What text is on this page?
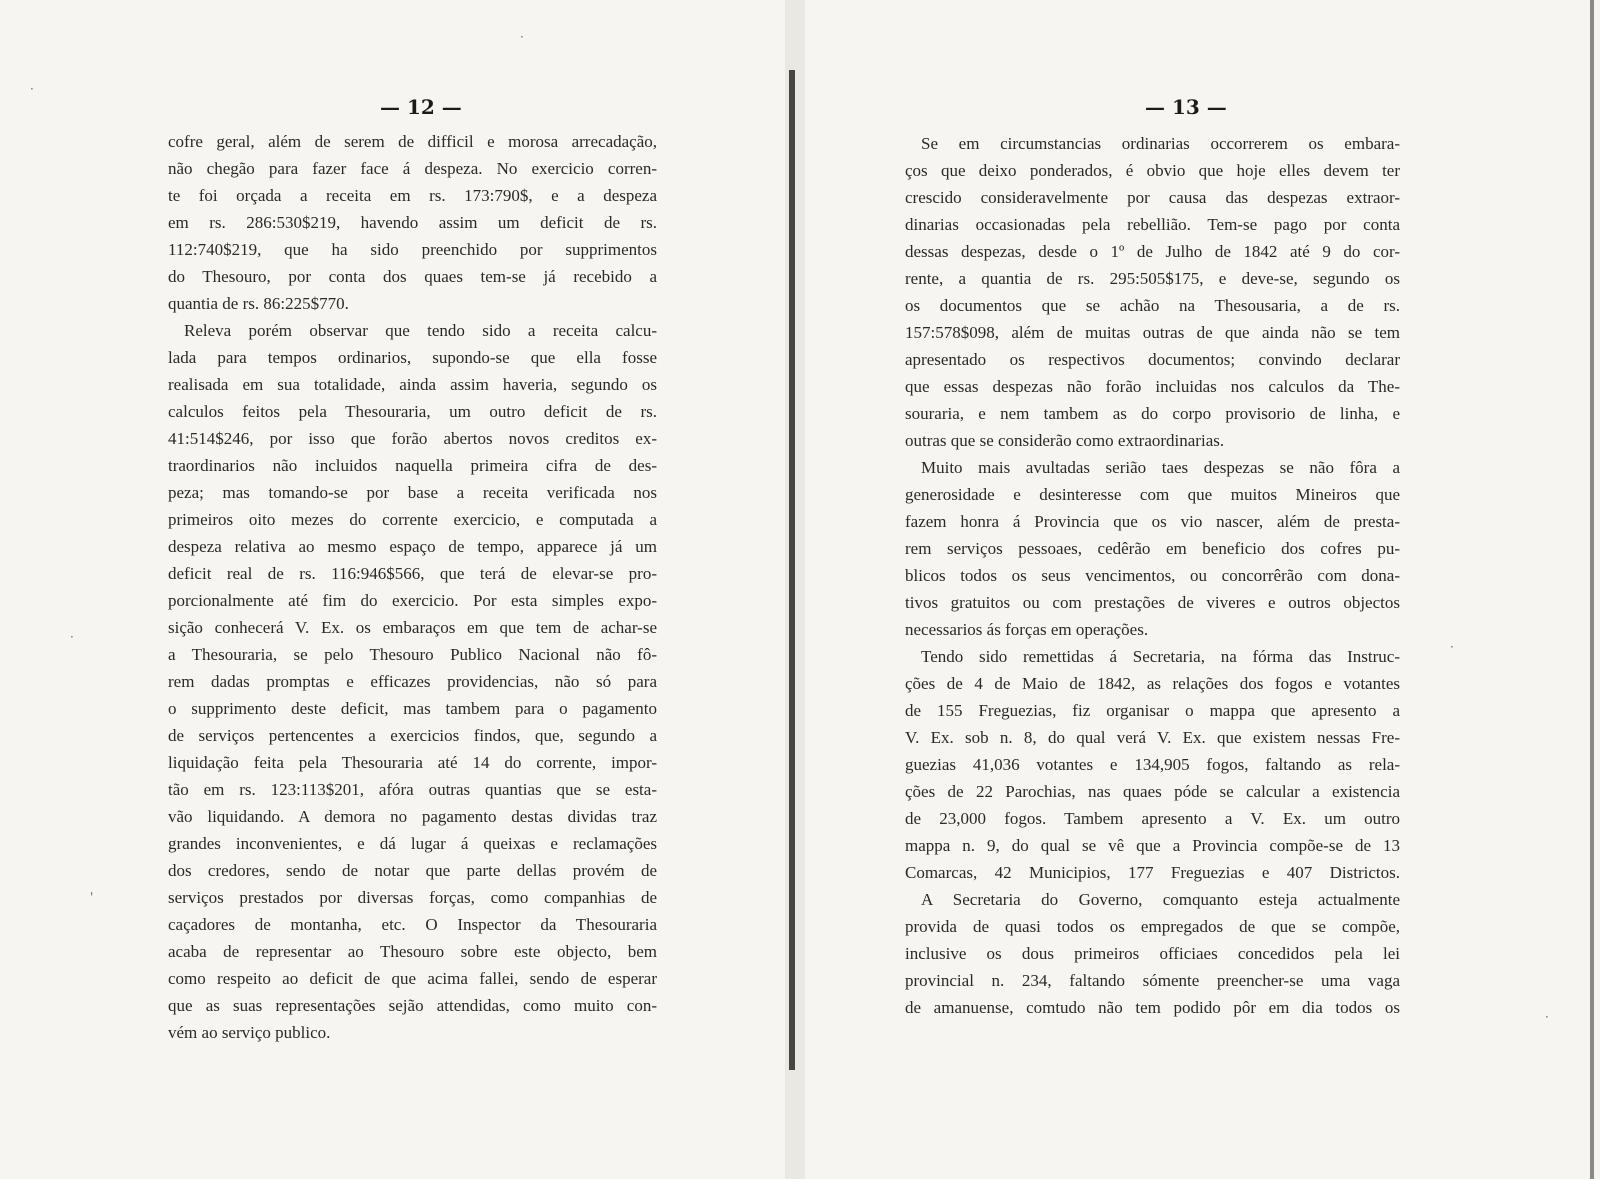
— 12 —
cofre geral, além de serem de difficil e morosa arrecadação,
não chegão para fazer face á despeza. No exercicio corren-
te foi orçada a receita em rs. 173:790$, e a despeza
em rs. 286:530$219, havendo assim um deficit de rs.
112:740$219, que ha sido preenchido por supprimentos
do Thesouro, por conta dos quaes tem-se já recebido a
quantia de rs. 86:225$770.
Releva porém observar que tendo sido a receita calcu-
lada para tempos ordinarios, supondo-se que ella fosse
realisada em sua totalidade, ainda assim haveria, segundo os
calculos feitos pela Thesouraria, um outro deficit de rs.
41:514$246, por isso que forão abertos novos creditos ex-
traordinarios não incluidos naquella primeira cifra de des-
peza; mas tomando-se por base a receita verificada nos
primeiros oito mezes do corrente exercicio, e computada a
despeza relativa ao mesmo espaço de tempo, apparece já um
deficit real de rs. 116:946$566, que terá de elevar-se pro-
porcionalmente até fim do exercicio. Por esta simples expo-
sição conhecerá V. Ex. os embaraços em que tem de achar-se
a Thesouraria, se pelo Thesouro Publico Nacional não fô-
rem dadas promptas e efficazes providencias, não só para
o supprimento deste deficit, mas tambem para o pagamento
de serviços pertencentes a exercicios findos, que, segundo a
liquidação feita pela Thesouraria até 14 do corrente, impor-
tão em rs. 123:113$201, afóra outras quantias que se esta-
vão liquidando. A demora no pagamento destas dividas traz
grandes inconvenientes, e dá lugar á queixas e reclamações
dos credores, sendo de notar que parte dellas provém de
serviços prestados por diversas forças, como companhias de
caçadores de montanha, etc. O Inspector da Thesouraria
acaba de representar ao Thesouro sobre este objecto, bem
como respeito ao deficit de que acima fallei, sendo de esperar
que as suas representações sejão attendidas, como muito con-
vém ao serviço publico.
— 13 —
Se em circumstancias ordinarias occorrerem os embara-
ços que deixo ponderados, é obvio que hoje elles devem ter
crescido consideravelmente por causa das despezas extraor-
dinarias occasionadas pela rebellião. Tem-se pago por conta
dessas despezas, desde o 1º de Julho de 1842 até 9 do cor-
rente, a quantia de rs. 295:505$175, e deve-se, segundo os
os documentos que se achão na Thesousaria, a de rs.
157:578$098, além de muitas outras de que ainda não se tem
apresentado os respectivos documentos; convindo declarar
que essas despezas não forão incluidas nos calculos da The-
souraria, e nem tambem as do corpo provisorio de linha, e
outras que se considerão como extraordinarias.
Muito mais avultadas serião taes despezas se não fôra a
generosidade e desinteresse com que muitos Mineiros que
fazem honra á Provincia que os vio nascer, além de presta-
rem serviços pessoaes, cedêrão em beneficio dos cofres pu-
blicos todos os seus vencimentos, ou concorrêrão com dona-
tivos gratuitos ou com prestações de viveres e outros objectos
necessarios ás forças em operações.
Tendo sido remettidas á Secretaria, na fórma das Instruc-
ções de 4 de Maio de 1842, as relações dos fogos e votantes
de 155 Freguezias, fiz organisar o mappa que apresento a
V. Ex. sob n. 8, do qual verá V. Ex. que existem nessas Fre-
guezias 41,036 votantes e 134,905 fogos, faltando as rela-
ções de 22 Parochias, nas quaes póde se calcular a existencia
de 23,000 fogos. Tambem apresento a V. Ex. um outro
mappa n. 9, do qual se vê que a Provincia compõe-se de 13
Comarcas, 42 Municipios, 177 Freguezias e 407 Districtos.
A Secretaria do Governo, comquanto esteja actualmente
provida de quasi todos os empregados de que se compõe,
inclusive os dous primeiros officiaes concedidos pela lei
provincial n. 234, faltando sómente preencher-se uma vaga
de amanuense, comtudo não tem podido pôr em dia todos os
·
·
'
·
·
·
